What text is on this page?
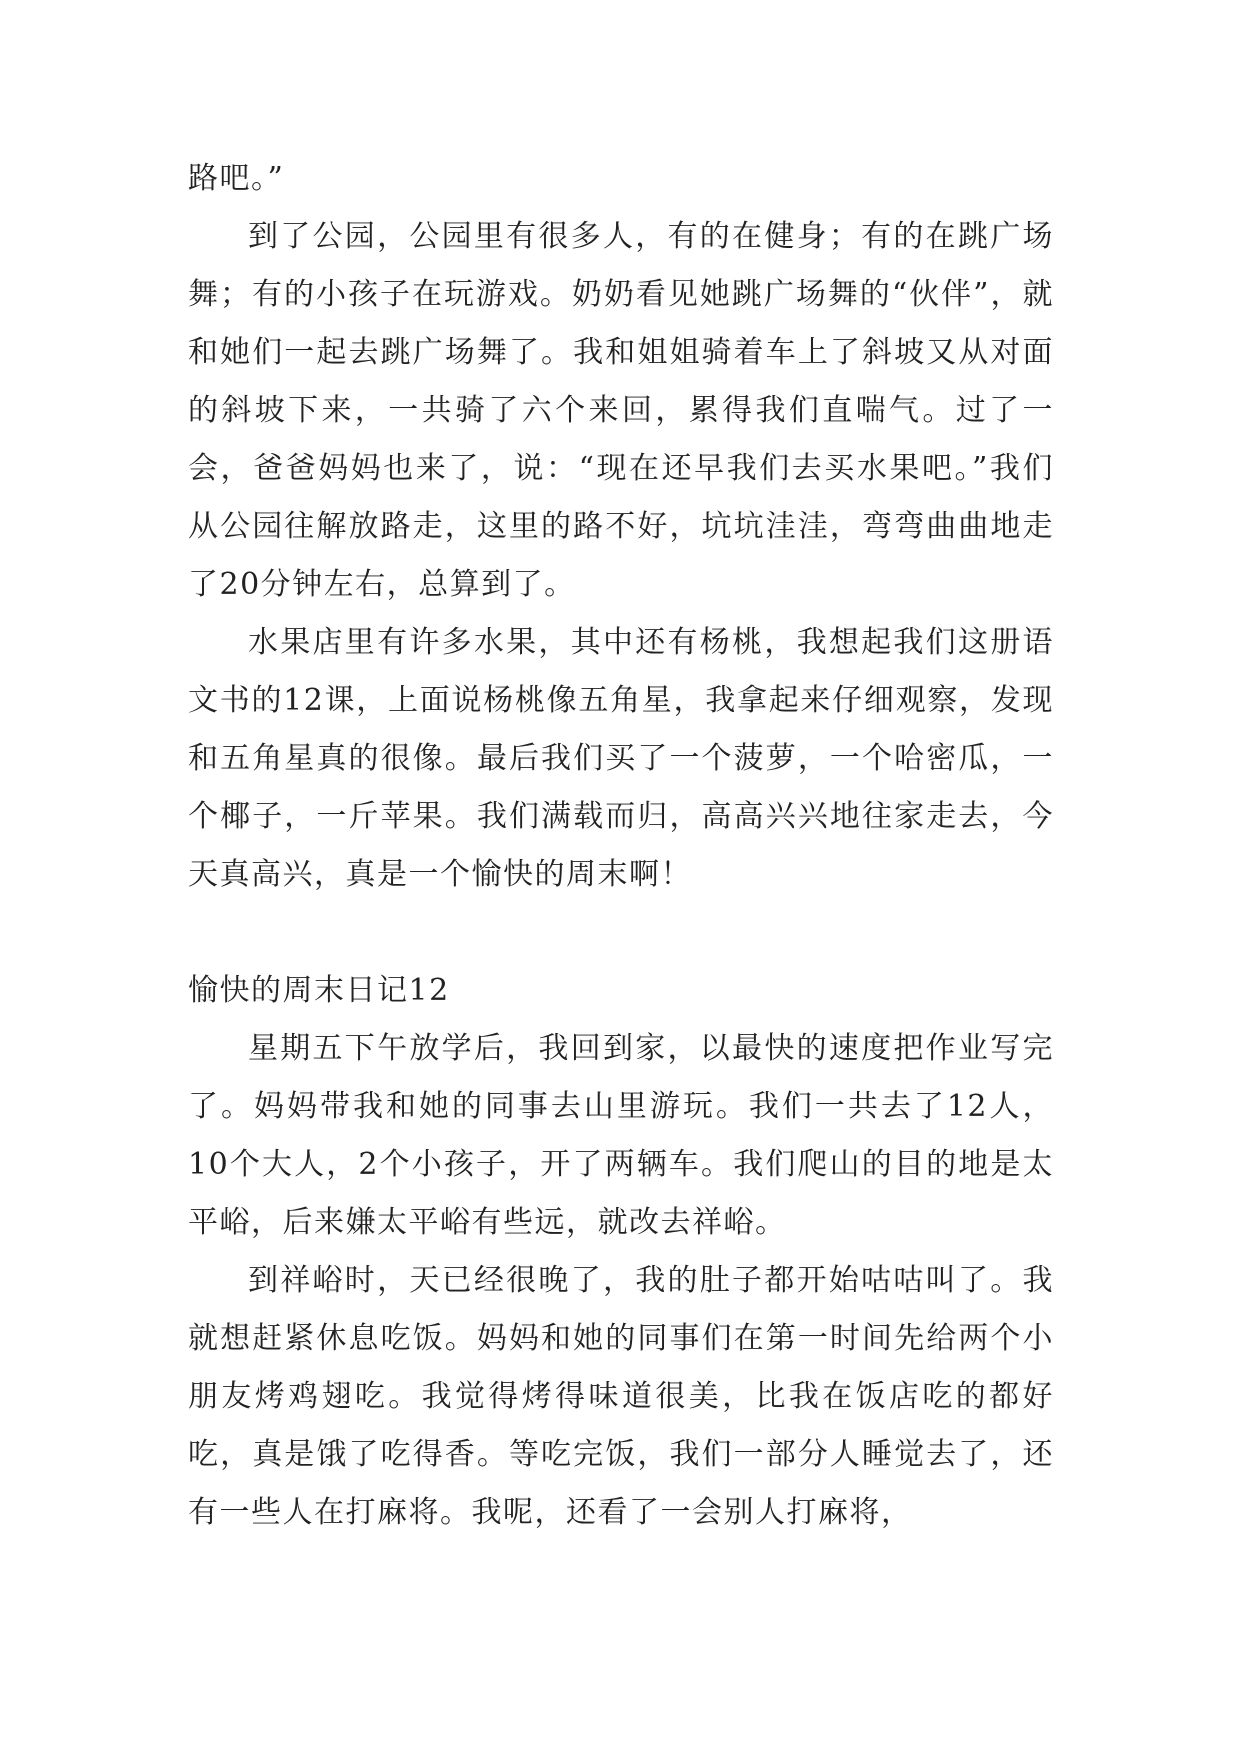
路吧。”

到了公园，公园里有很多人，有的在健身；有的在跳广场舞；有的小孩子在玩游戏。奶奶看见她跳广场舞的“伙伴”，就和她们一起去跳广场舞了。我和姐姐骑着车上了斜坡又从对面的斜坡下来，一共骑了六个来回，累得我们直喘气。过了一会，爸爸妈妈也来了，说：“现在还早我们去买水果吧。”我们从公园往解放路走，这里的路不好，坑坑洼洼，弯弯曲曲地走了20分钟左右，总算到了。

水果店里有许多水果，其中还有杨桃，我想起我们这册语文书的12课，上面说杨桃像五角星，我拿起来仔细观察，发现和五角星真的很像。最后我们买了一个菠萝，一个哈密瓜，一个椰子，一斤苹果。我们满载而归，高高兴兴地往家走去，今天真高兴，真是一个愉快的周末啊！

愉快的周末日记12

星期五下午放学后，我回到家，以最快的速度把作业写完了。妈妈带我和她的同事去山里游玩。我们一共去了12人，10个大人，2个小孩子，开了两辆车。我们爬山的目的地是太平峪，后来嫌太平峪有些远，就改去祥峪。

到祥峪时，天已经很晚了，我的肚子都开始咕咕叫了。我就想赶紧休息吃饭。妈妈和她的同事们在第一时间先给两个小朋友烤鸡翅吃。我觉得烤得味道很美，比我在饭店吃的都好吃，真是饿了吃得香。等吃完饭，我们一部分人睡觉去了，还有一些人在打麻将。我呢，还看了一会别人打麻将，
